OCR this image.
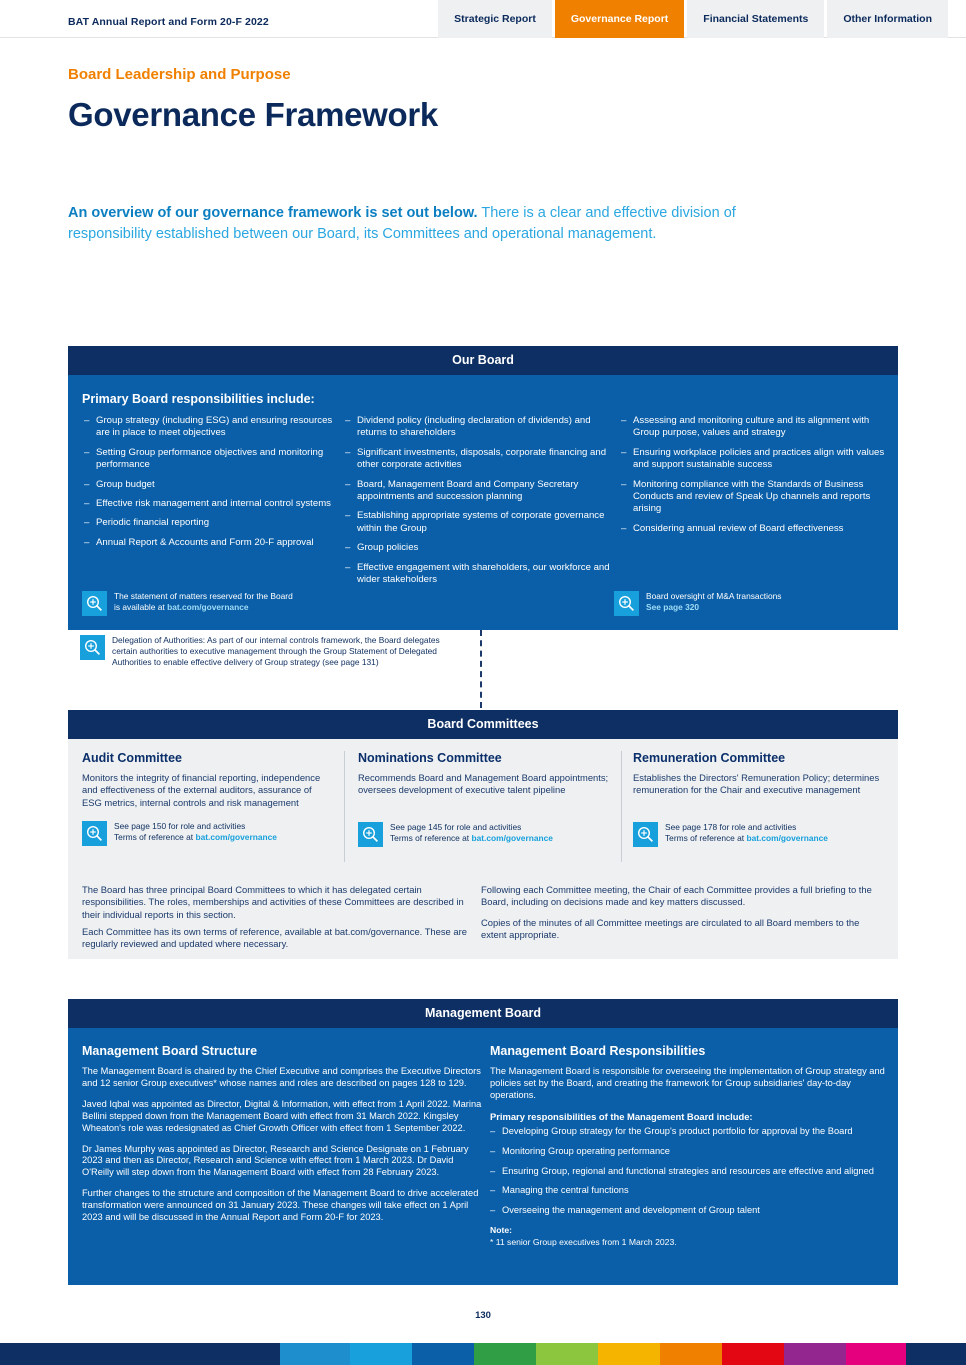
BAT Annual Report and Form 20-F 2022	Strategic Report	Governance Report	Financial Statements	Other Information
Board Leadership and Purpose
Governance Framework
An overview of our governance framework is set out below. There is a clear and effective division of responsibility established between our Board, its Committees and operational management.
Our Board
Primary Board responsibilities include:
– Group strategy (including ESG) and ensuring resources are in place to meet objectives
– Setting Group performance objectives and monitoring performance
– Group budget
– Effective risk management and internal control systems
– Periodic financial reporting
– Annual Report & Accounts and Form 20-F approval
– Dividend policy (including declaration of dividends) and returns to shareholders
– Significant investments, disposals, corporate financing and other corporate activities
– Board, Management Board and Company Secretary appointments and succession planning
– Establishing appropriate systems of corporate governance within the Group
– Group policies
– Effective engagement with shareholders, our workforce and wider stakeholders
– Assessing and monitoring culture and its alignment with Group purpose, values and strategy
– Ensuring workplace policies and practices align with values and support sustainable success
– Monitoring compliance with the Standards of Business Conducts and review of Speak Up channels and reports arising
– Considering annual review of Board effectiveness
The statement of matters reserved for the Board
is available at bat.com/governance
Board oversight of M&A transactions
See page 320
Delegation of Authorities: As part of our internal controls framework, the Board delegates certain authorities to executive management through the Group Statement of Delegated Authorities to enable effective delivery of Group strategy (see page 131)
Board Committees
Audit Committee
Monitors the integrity of financial reporting, independence and effectiveness of the external auditors, assurance of ESG metrics, internal controls and risk management
See page 150 for role and activities
Terms of reference at bat.com/governance
Nominations Committee
Recommends Board and Management Board appointments; oversees development of executive talent pipeline
See page 145 for role and activities
Terms of reference at bat.com/governance
Remuneration Committee
Establishes the Directors' Remuneration Policy; determines remuneration for the Chair and executive management
See page 178 for role and activities
Terms of reference at bat.com/governance
The Board has three principal Board Committees to which it has delegated certain responsibilities. The roles, memberships and activities of these Committees are described in their individual reports in this section.
Each Committee has its own terms of reference, available at bat.com/governance. These are regularly reviewed and updated where necessary.
Following each Committee meeting, the Chair of each Committee provides a full briefing to the Board, including on decisions made and key matters discussed.
Copies of the minutes of all Committee meetings are circulated to all Board members to the extent appropriate.
Management Board
Management Board Structure

The Management Board is chaired by the Chief Executive and comprises the Executive Directors and 12 senior Group executives* whose names and roles are described on pages 128 to 129.

Javed Iqbal was appointed as Director, Digital & Information, with effect from 1 April 2022. Marina Bellini stepped down from the Management Board with effect from 31 March 2022. Kingsley Wheaton's role was redesignated as Chief Growth Officer with effect from 1 September 2022.

Dr James Murphy was appointed as Director, Research and Science Designate on 1 February 2023 and then as Director, Research and Science with effect from 1 March 2023. Dr David O'Reilly will step down from the Management Board with effect from 28 February 2023.

Further changes to the structure and composition of the Management Board to drive accelerated transformation were announced on 31 January 2023. These changes will take effect on 1 April 2023 and will be discussed in the Annual Report and Form 20-F for 2023.

Management Board Responsibilities

The Management Board is responsible for overseeing the implementation of Group strategy and policies set by the Board, and creating the framework for Group subsidiaries' day-to-day operations.

Primary responsibilities of the Management Board include:
– Developing Group strategy for the Group's product portfolio for approval by the Board
– Monitoring Group operating performance
– Ensuring Group, regional and functional strategies and resources are effective and aligned
– Managing the central functions
– Overseeing the management and development of Group talent
Note:
* 11 senior Group executives from 1 March 2023.
130
